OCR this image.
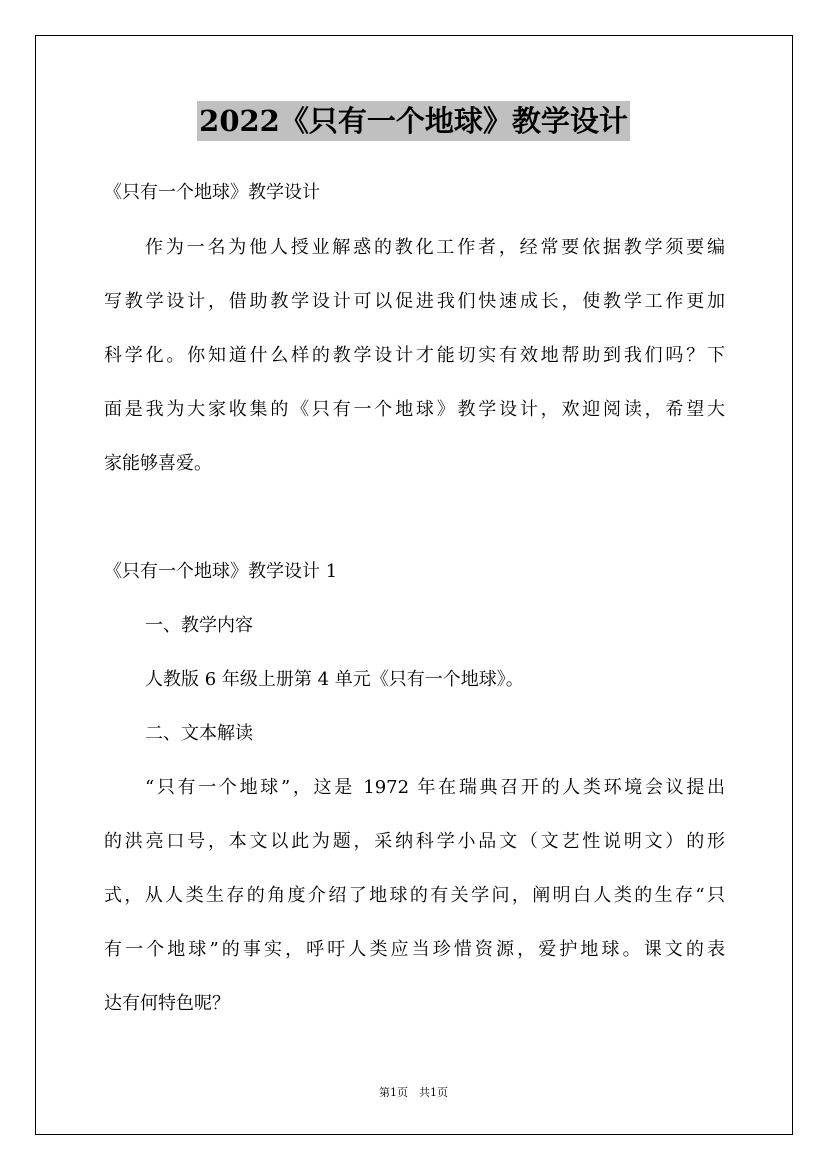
2022《只有一个地球》教学设计
《只有一个地球》教学设计
作为一名为他人授业解惑的教化工作者，经常要依据教学须要编
写教学设计，借助教学设计可以促进我们快速成长，使教学工作更加
科学化。你知道什么样的教学设计才能切实有效地帮助到我们吗？下
面是我为大家收集的《只有一个地球》教学设计，欢迎阅读，希望大
家能够喜爱。
《只有一个地球》教学设计 1
一、教学内容
人教版 6 年级上册第 4 单元《只有一个地球》。
二、文本解读
“只有一个地球”，这是 1972 年在瑞典召开的人类环境会议提出
的洪亮口号，本文以此为题，采纳科学小品文（文艺性说明文）的形
式，从人类生存的角度介绍了地球的有关学问，阐明白人类的生存“只
有一个地球”的事实，呼吁人类应当珍惜资源，爱护地球。课文的表
达有何特色呢？
第1页　共1页
